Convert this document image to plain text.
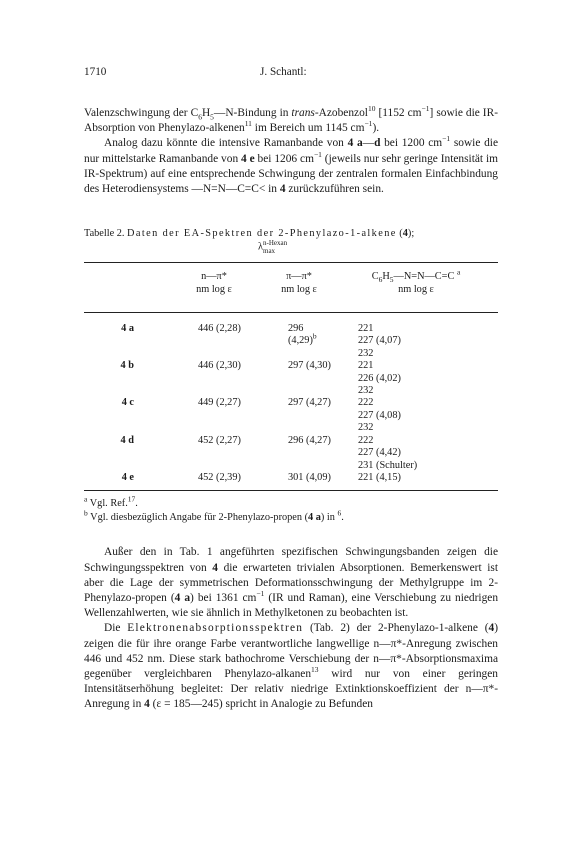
1710	J. Schantl:

Valenzschwingung der $C_6H_5—N$-Bindung in trans-Azobenzol$^{10}$ [1152 $cm^{-1}$] sowie die IR-Absorption von Phenylazo-alkenen$^{11}$ im Bereich um 1145 $cm^{-1}$).

Analog dazu könnte die intensive Ramanbande von 4 a—d bei 1200 $cm^{-1}$ sowie die nur mittelstarke Ramanbande von 4 e bei 1206 $cm^{-1}$ (jeweils nur sehr geringe Intensität im IR-Spektrum) auf eine entsprechende Schwingung der zentralen formalen Einfachbindung des Heterodiensystems —N=N—C=C< in 4 zurückzuführen sein.

Tabelle 2. Daten der EA-Spektren der 2-Phenylazo-1-alkene (4);
λ n-Hexan
max
	n—π*	π—π*	$C_6H_5—N=N—C=C$ $^a$
	nm log ε	nm log ε	nm log ε

4 a	446 (2,28)	296 $(4,29)^b$	221
227 (4,07)
232

4 b	446 (2,30)	297 (4,30)	221
226 (4,02)
232

4 c	449 (2,27)	297 (4,27)	222
227 (4,08)
232

4 d	452 (2,27)	296 (4,27)	222
227 (4,42)
231 (Schulter)

4 e	452 (2,39)	301 (4,09)	221 (4,15)

$^a$ Vgl. Ref.$^{17}$.
$^b$ Vgl. diesbezüglich Angabe für 2-Phenylazo-propen (4 a) in $^6$.

Außer den in Tab. 1 angeführten spezifischen Schwingungsbanden zeigen die Schwingungsspektren von 4 die erwarteten trivialen Absorptionen. Bemerkenswert ist aber die Lage der symmetrischen Deformationsschwingung der Methylgruppe im 2-Phenylazo-propen (4 a) bei 1361 $cm^{-1}$ (IR und Raman), eine Verschiebung zu niedrigen Wellenzahlwerten, wie sie ähnlich in Methylketonen zu beobachten ist.

Die Elektronenabsorptionsspektren (Tab. 2) der 2-Phenylazo-1-alkene (4) zeigen die für ihre orange Farbe verantwortliche langwellige n—π*-Anregung zwischen 446 und 452 nm. Diese stark bathochrome Verschiebung der n—π*-Absorptionsmaxima gegenüber vergleichbaren Phenylazo-alkanen$^{13}$ wird nur von einer geringen Intensitätserhöhung begleitet: Der relativ niedrige Extinktionskoeffizient der n—π*-Anregung in 4 (ε = 185—245) spricht in Analogie zu Befunden
